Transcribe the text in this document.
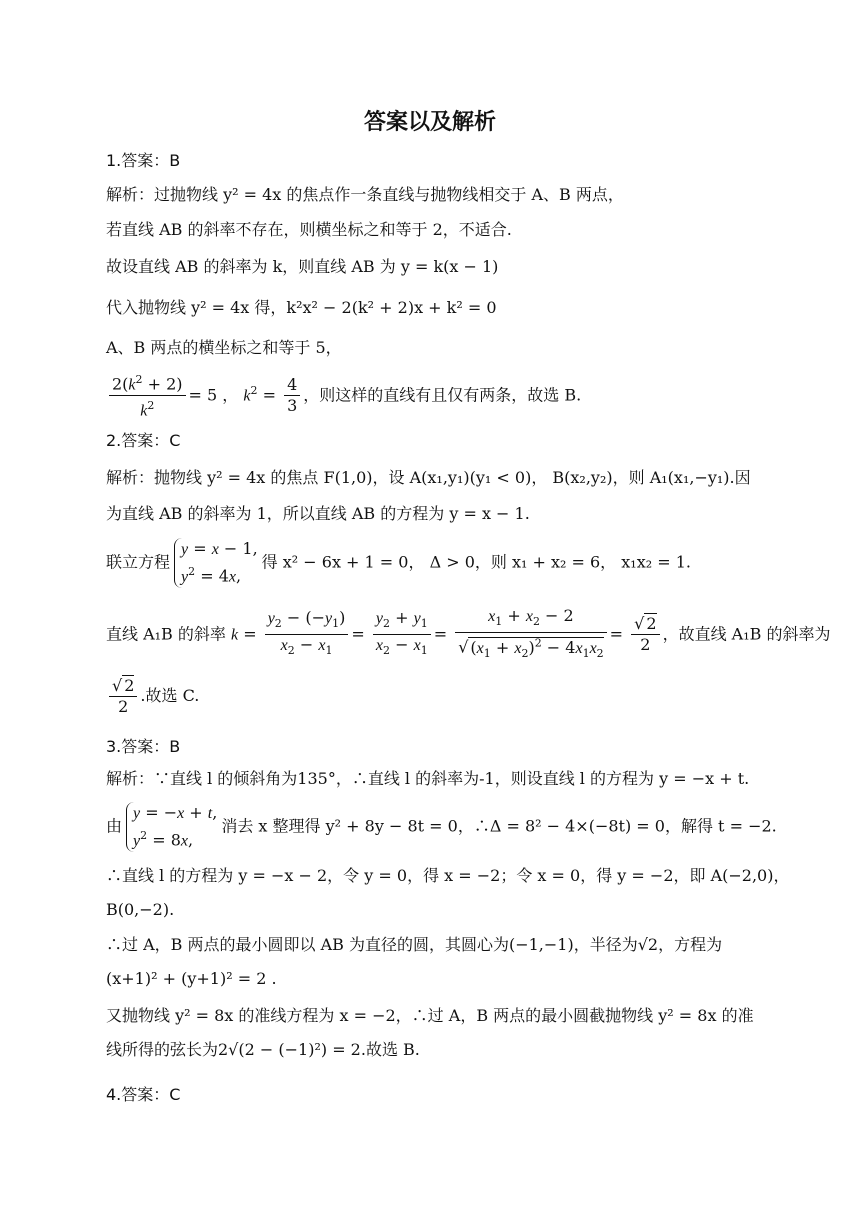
答案以及解析
1.答案：B
解析：过抛物线 y² = 4x 的焦点作一条直线与抛物线相交于 A、B 两点，
若直线 AB 的斜率不存在，则横坐标之和等于 2，不适合.
故设直线 AB 的斜率为 k，则直线 AB 为 y = k(x − 1)
代入抛物线 y² = 4x 得，k²x² − 2(k² + 2)x + k² = 0
A、B 两点的横坐标之和等于 5，
$\frac{2(k^2 + 2)}{k^2} = 5$ ， $k^2 = \frac{4}{3}$ ，则这样的直线有且仅有两条，故选 B.
2.答案：C
解析：抛物线 y² = 4x 的焦点 F(1,0)，设 A(x₁,y₁)(y₁ < 0)， B(x₂,y₂)，则 A₁(x₁,−y₁).因
为直线 AB 的斜率为 1，所以直线 AB 的方程为 y = x − 1.
联立方程y = x − 1,
$y^2 = 4x$,得 x² − 6x + 1 = 0， Δ > 0，则 x₁ + x₂ = 6， x₁x₂ = 1.
直线 A₁B 的斜率 $k = \frac{y_2 - (-y_1)}{x_2 - x_1} = \frac{y_2 + y_1}{x_2 - x_1} = \frac{x_1 + x_2 - 2}{√ (x_1 + x_2)^2 - 4x_1x_2} = \frac{√ 2}{2}$ ，故直线 A₁B 的斜率为
$\frac{√ 2}{2}$ .故选 C.
3.答案：B
解析：∵直线 l 的倾斜角为135°，∴直线 l 的斜率为-1，则设直线 l 的方程为 y = −x + t.
由y = −x + t,
$y^2 = 8x$,消去 x 整理得 y² + 8y − 8t = 0，∴Δ = 8² − 4×(−8t) = 0，解得 t = −2.
∴直线 l 的方程为 y = −x − 2，令 y = 0，得 x = −2；令 x = 0，得 y = −2，即 A(−2,0)，
B(0,−2).
∴过 A，B 两点的最小圆即以 AB 为直径的圆，其圆心为(−1,−1)，半径为√2，方程为
(x+1)² + (y+1)² = 2 .
又抛物线 y² = 8x 的准线方程为 x = −2，∴过 A，B 两点的最小圆截抛物线 y² = 8x 的准
线所得的弦长为2√(2 − (−1)²) = 2.故选 B.
4.答案：C
